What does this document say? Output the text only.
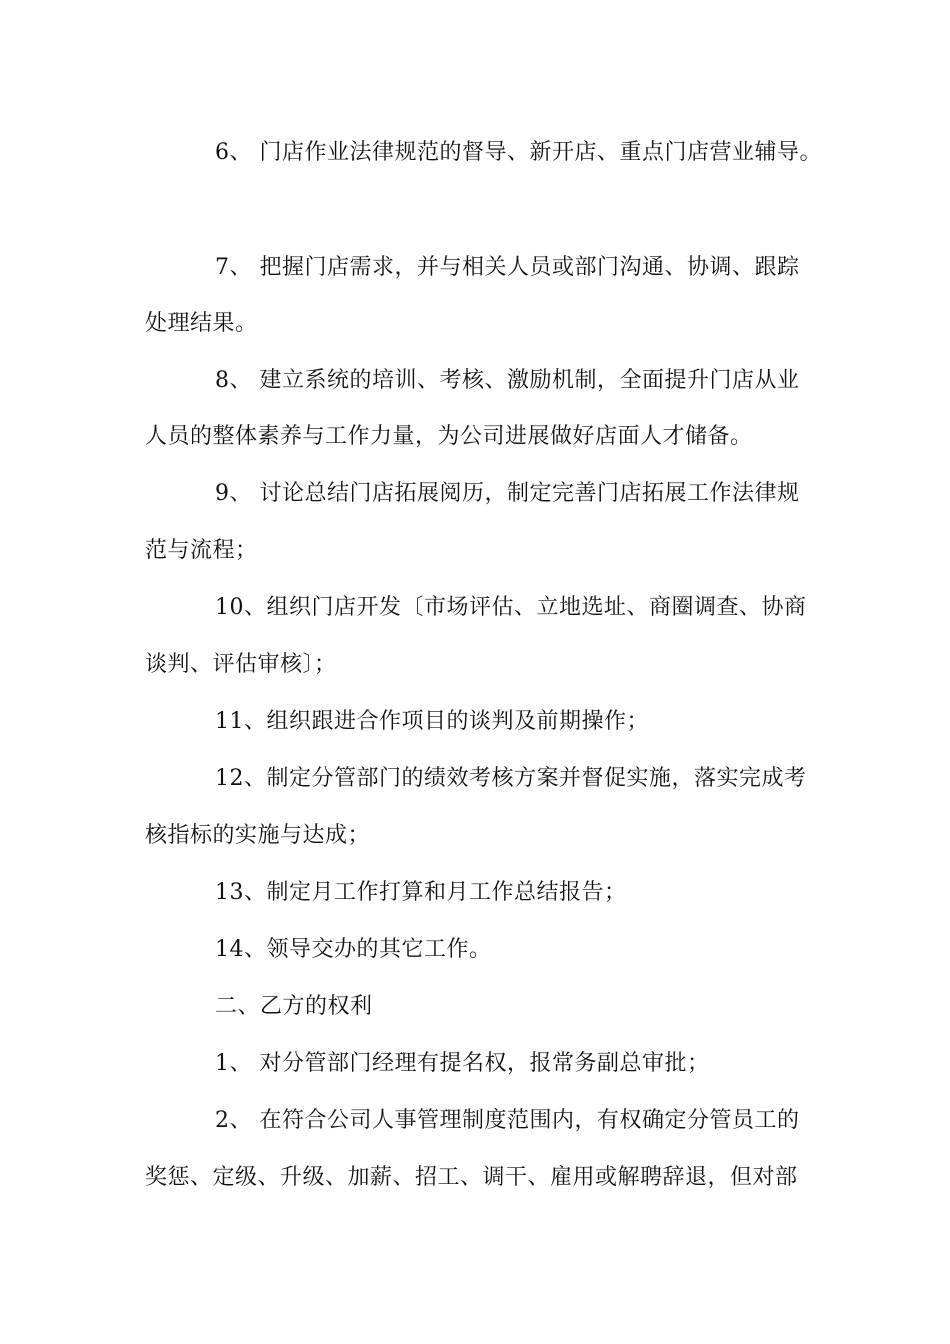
6、 门店作业法律规范的督导、新开店、重点门店营业辅导。
7、 把握门店需求，并与相关人员或部门沟通、协调、跟踪
处理结果。
8、 建立系统的培训、考核、激励机制，全面提升门店从业
人员的整体素养与工作力量，为公司进展做好店面人才储备。
9、 讨论总结门店拓展阅历，制定完善门店拓展工作法律规
范与流程；
10、组织门店开发〔市场评估、立地选址、商圈调查、协商
谈判、评估审核〕；
11、组织跟进合作项目的谈判及前期操作；
12、制定分管部门的绩效考核方案并督促实施，落实完成考
核指标的实施与达成；
13、制定月工作打算和月工作总结报告；
14、领导交办的其它工作。
二、乙方的权利
1、 对分管部门经理有提名权，报常务副总审批；
2、 在符合公司人事管理制度范围内，有权确定分管员工的
奖惩、定级、升级、加薪、招工、调干、雇用或解聘辞退，但对部
